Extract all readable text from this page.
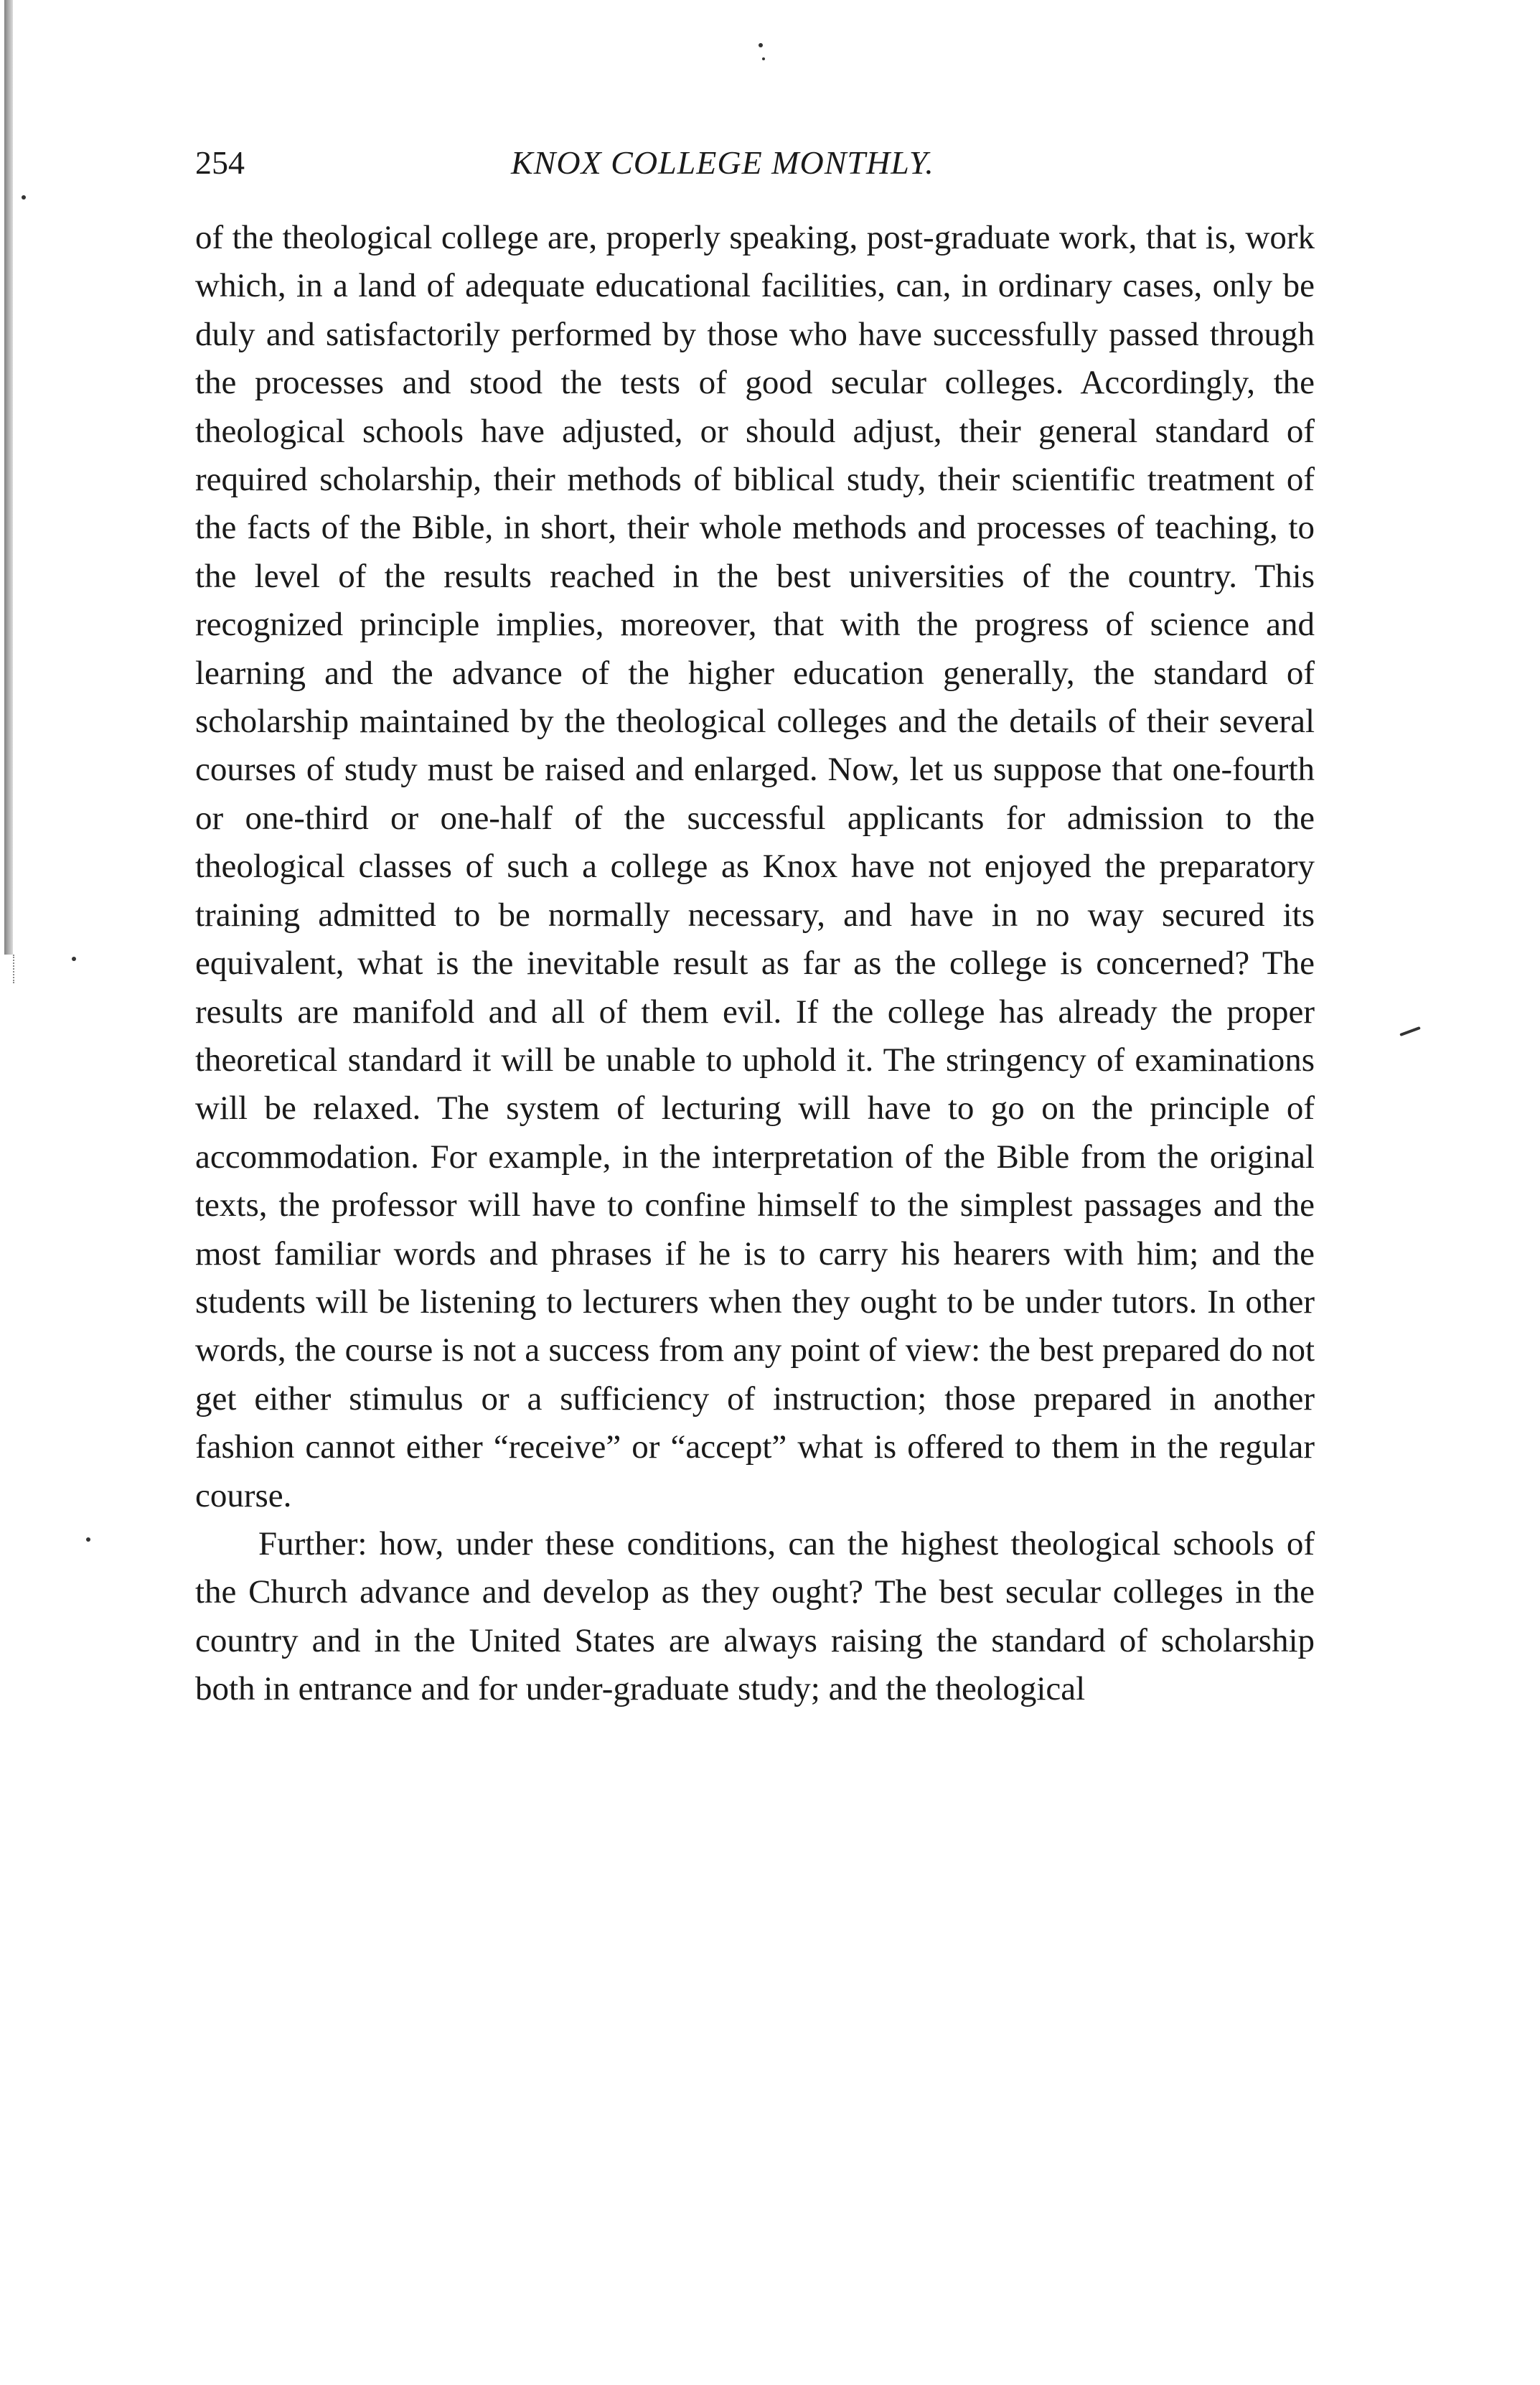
254	KNOX COLLEGE MONTHLY.

of the theological college are, properly speaking, post-graduate work, that is, work which, in a land of adequate educational facilities, can, in ordinary cases, only be duly and satisfactorily performed by those who have successfully passed through the processes and stood the tests of good secular colleges. Accordingly, the theological schools have adjusted, or should adjust, their general standard of required scholarship, their methods of biblical study, their scientific treatment of the facts of the Bible, in short, their whole methods and processes of teaching, to the level of the results reached in the best universities of the country. This recognized principle implies, moreover, that with the progress of science and learning and the advance of the higher education generally, the standard of scholarship maintained by the theological colleges and the details of their several courses of study must be raised and enlarged. Now, let us suppose that one-fourth or one-third or one-half of the successful applicants for admission to the theological classes of such a college as Knox have not enjoyed the preparatory training admitted to be normally necessary, and have in no way secured its equivalent, what is the inevitable result as far as the college is concerned? The results are manifold and all of them evil. If the college has already the proper theoretical standard it will be unable to uphold it. The stringency of examinations will be relaxed. The system of lecturing will have to go on the principle of accommodation. For example, in the interpretation of the Bible from the original texts, the professor will have to confine himself to the simplest passages and the most familiar words and phrases if he is to carry his hearers with him; and the students will be listening to lecturers when they ought to be under tutors. In other words, the course is not a success from any point of view: the best prepared do not get either stimulus or a sufficiency of instruction; those prepared in another fashion cannot either “receive” or “accept” what is offered to them in the regular course.

Further: how, under these conditions, can the highest theological schools of the Church advance and develop as they ought? The best secular colleges in the country and in the United States are always raising the standard of scholarship both in entrance and for under-graduate study; and the theological
